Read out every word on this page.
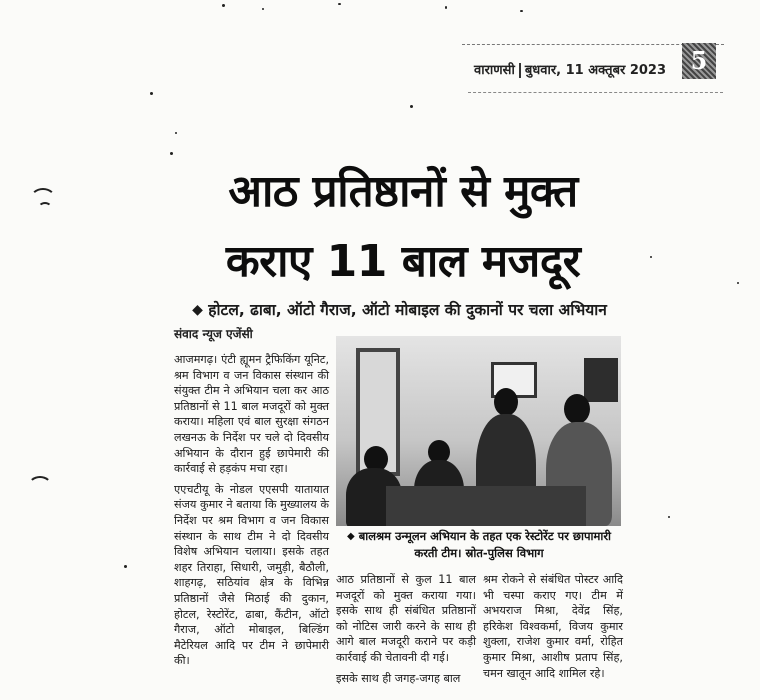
वाराणसी बुधवार, 11 अक्तूबर 2023	5
आठ प्रतिष्ठानों से मुक्त
कराए 11 बाल मजदूर
◆ होटल, ढाबा, ऑटो गैराज, ऑटो मोबाइल की दुकानों पर चला अभियान
संवाद न्यूज एजेंसी

आजमगढ़। एंटी ह्यूमन ट्रैफिकिंग यूनिट, श्रम विभाग व जन विकास संस्थान की संयुक्त टीम ने अभियान चला कर आठ प्रतिष्ठानों से 11 बाल मजदूरों को मुक्त कराया। महिला एवं बाल सुरक्षा संगठन लखनऊ के निर्देश पर चले दो दिवसीय अभियान के दौरान हुई छापेमारी की कार्रवाई से हड़कंप मचा रहा।

एएचटीयू के नोडल एएसपी यातायात संजय कुमार ने बताया कि मुख्यालय के निर्देश पर श्रम विभाग व जन विकास संस्थान के साथ टीम ने दो दिवसीय विशेष अभियान चलाया। इसके तहत शहर तिराहा, सिधारी, जमुड़ी, बैठौली, शाहगढ़, सठियांव क्षेत्र के विभिन्न प्रतिष्ठानों जैसे मिठाई की दुकान, होटल, रेस्टोरेंट, ढाबा, कैंटीन, ऑटो गैराज, ऑटो मोबाइल, बिल्डिंग मैटेरियल आदि पर टीम ने छापेमारी की।

◆ बालश्रम उन्मूलन अभियान के तहत एक रेस्टोरेंट पर छापामारी करती टीम। स्रोत-पुलिस विभाग

आठ प्रतिष्ठानों से कुल 11 बाल मजदूरों को मुक्त कराया गया। इसके साथ ही संबंधित प्रतिष्ठानों को नोटिस जारी करने के साथ ही आगे बाल मजदूरी कराने पर कड़ी कार्रवाई की चेतावनी दी गई।

इसके साथ ही जगह-जगह बाल

श्रम रोकने से संबंधित पोस्टर आदि भी चस्पा कराए गए। टीम में अभयराज मिश्रा, देवेंद्र सिंह, हरिकेश विश्वकर्मा, विजय कुमार शुक्ला, राजेश कुमार वर्मा, रोहित कुमार मिश्रा, आशीष प्रताप सिंह, चमन खातून आदि शामिल रहे।
